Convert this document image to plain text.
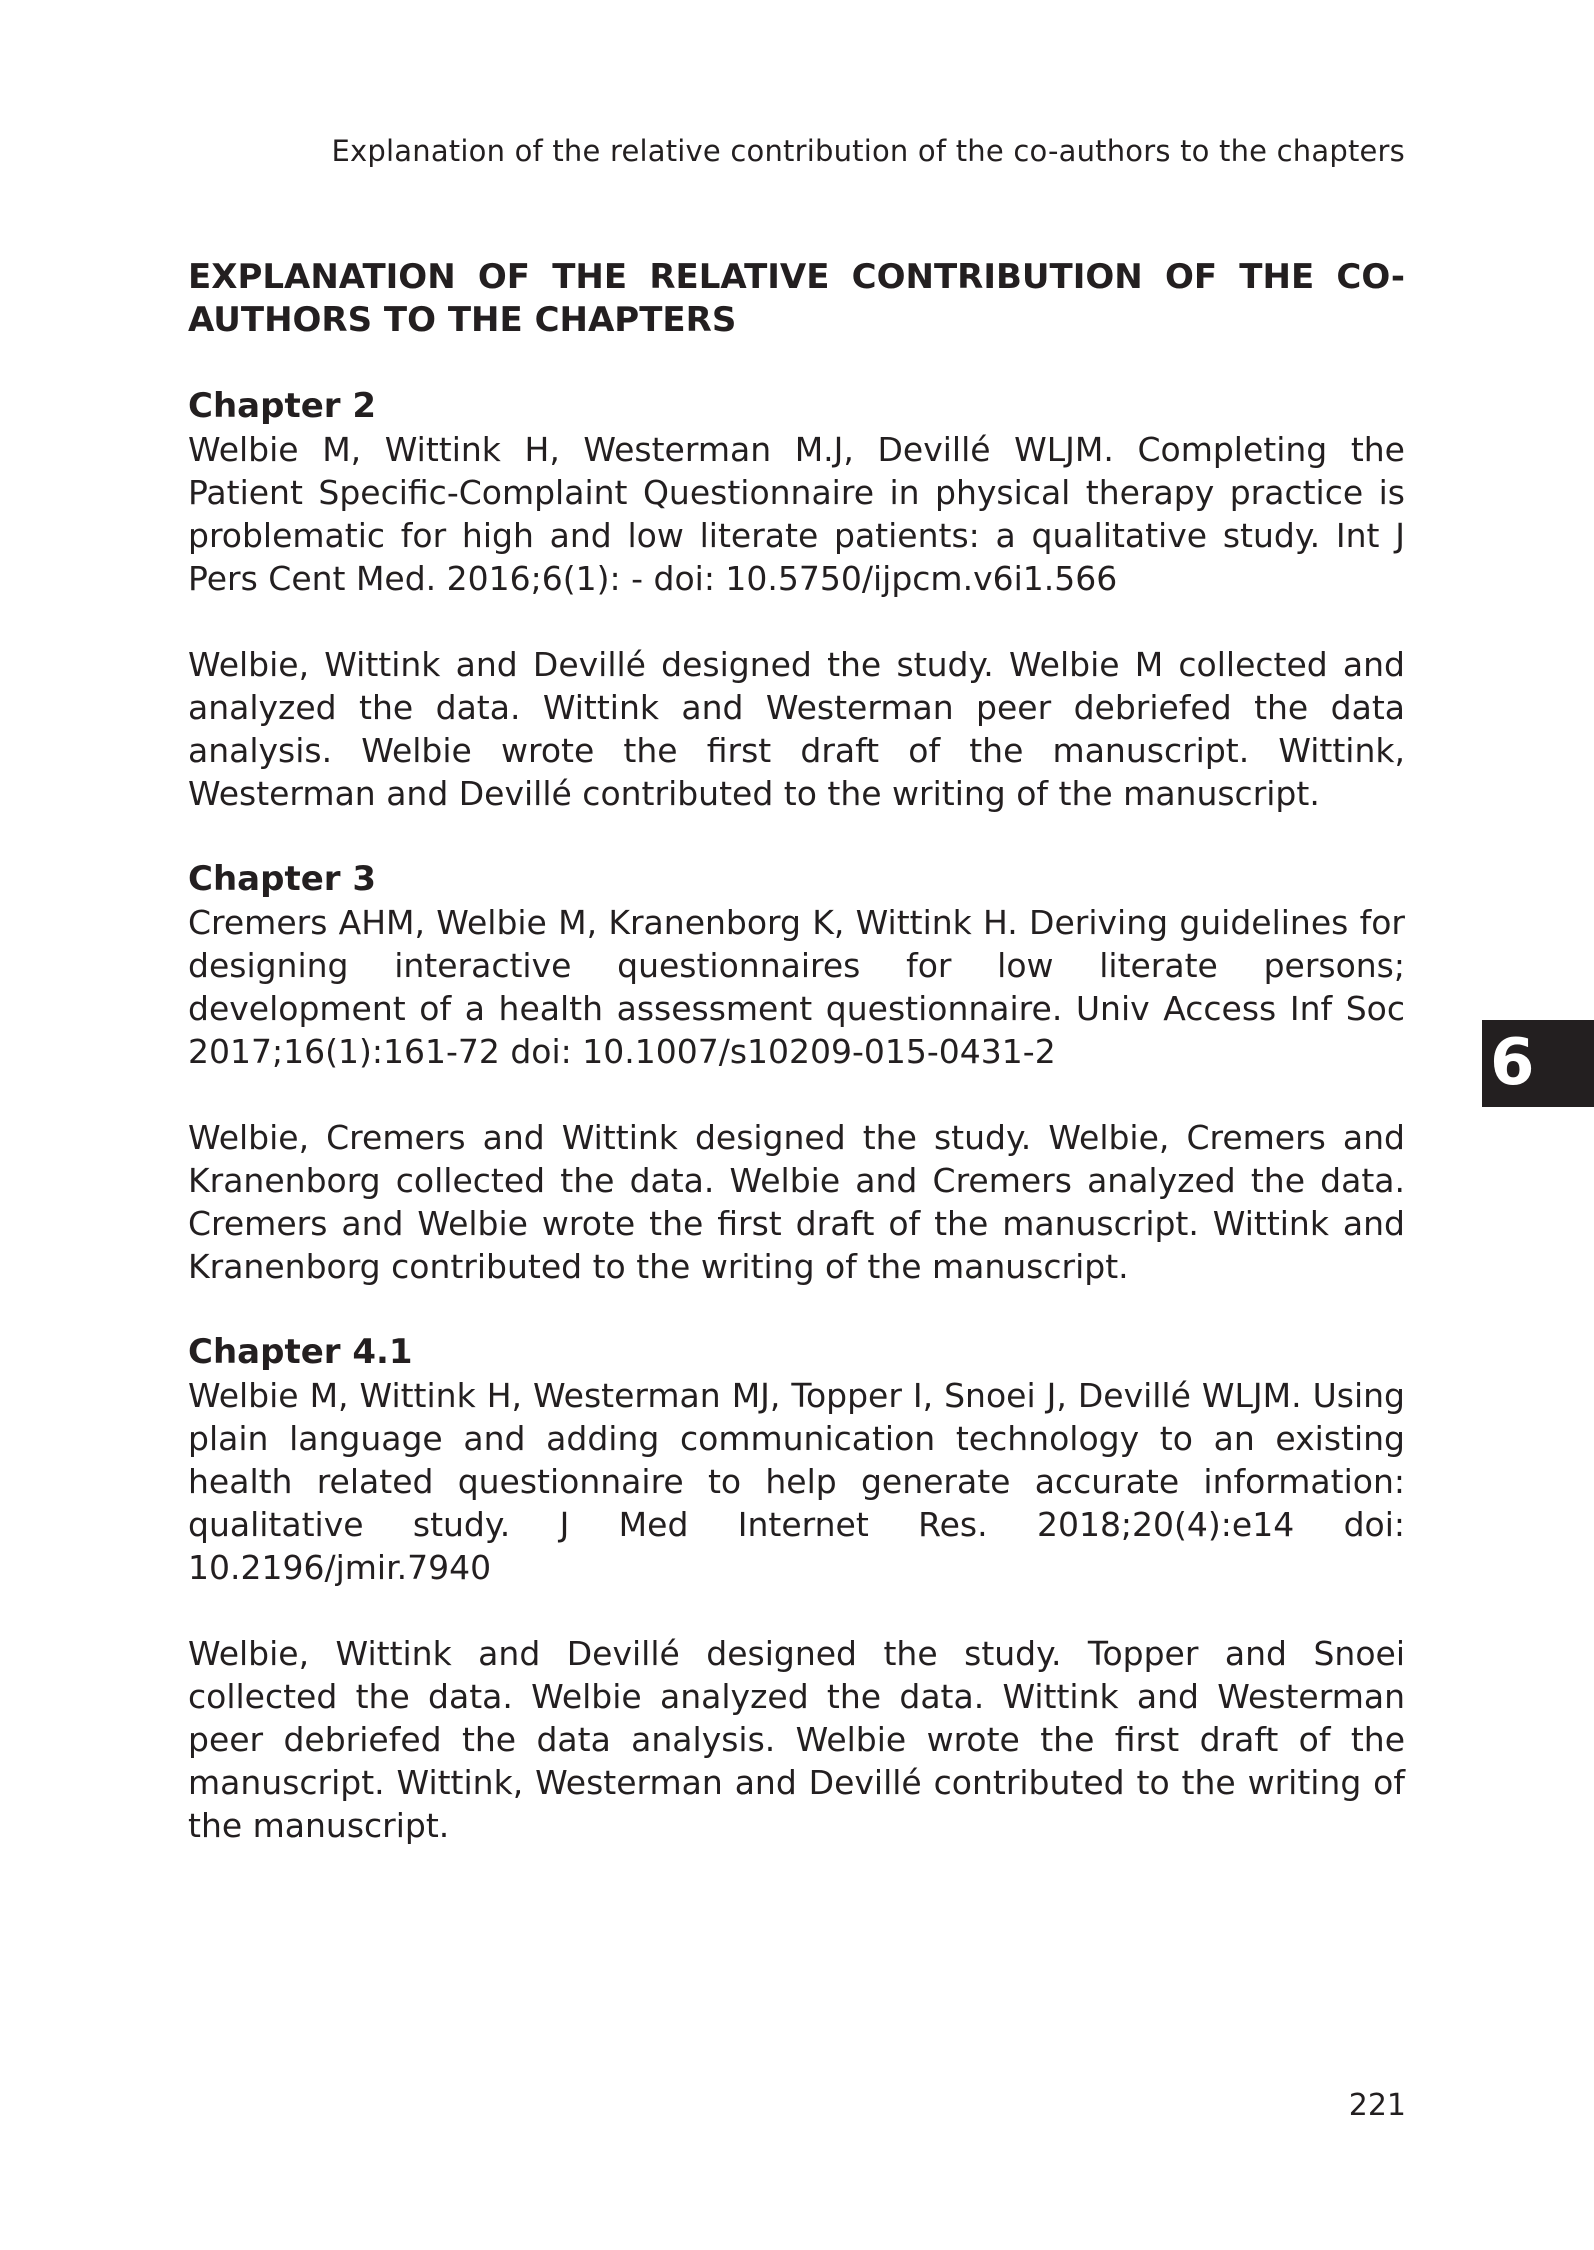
Explanation of the relative contribution of the co-authors to the chapters
EXPLANATION OF THE RELATIVE CONTRIBUTION OF THE CO-AUTHORS TO THE CHAPTERS

Chapter 2

Welbie M, Wittink H, Westerman M.J, Devillé WLJM. Completing the Patient Specific-Complaint Questionnaire in physical therapy practice is problematic for high and low literate patients: a qualitative study. Int J Pers Cent Med. 2016;6(1): - doi: 10.5750/ijpcm.v6i1.566

Welbie, Wittink and Devillé designed the study. Welbie M collected and analyzed the data. Wittink and Westerman peer debriefed the data analysis. Welbie wrote the first draft of the manuscript. Wittink, Westerman and Devillé contributed to the writing of the manuscript.

Chapter 3

Cremers AHM, Welbie M, Kranenborg K, Wittink H. Deriving guidelines for designing interactive questionnaires for low literate persons; development of a health assessment questionnaire. Univ Access Inf Soc 2017;16(1):161-72 doi: 10.1007/s10209-015-0431-2

Welbie, Cremers and Wittink designed the study. Welbie, Cremers and Kranenborg collected the data. Welbie and Cremers analyzed the data. Cremers and Welbie wrote the first draft of the manuscript. Wittink and Kranenborg contributed to the writing of the manuscript.

Chapter 4.1

Welbie M, Wittink H, Westerman MJ, Topper I, Snoei J, Devillé WLJM. Using plain language and adding communication technology to an existing health related questionnaire to help generate accurate information: qualitative study. J Med Internet Res. 2018;20(4):e14 doi: 10.2196/jmir.7940

Welbie, Wittink and Devillé designed the study. Topper and Snoei collected the data. Welbie analyzed the data. Wittink and Westerman peer debriefed the data analysis. Welbie wrote the first draft of the manuscript. Wittink, Westerman and Devillé contributed to the writing of the manuscript.

6
221
